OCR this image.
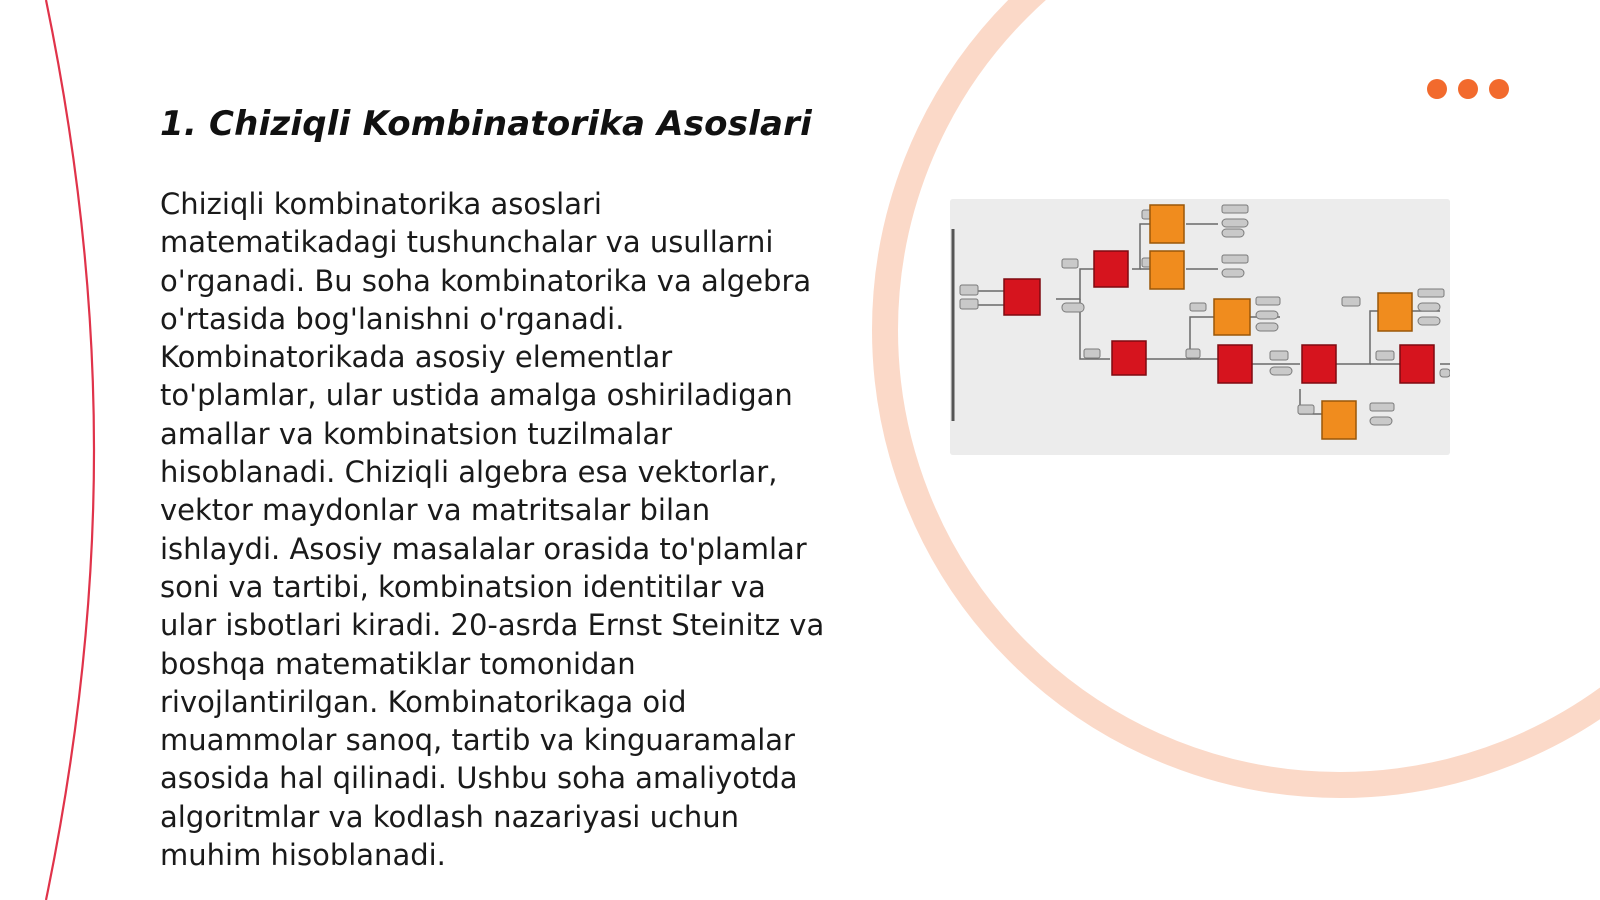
1. Chiziqli Kombinatorika Asoslari

Chiziqli kombinatorika asoslari
matematikadagi tushunchalar va usullarni
o'rganadi. Bu soha kombinatorika va algebra
o'rtasida bog'lanishni o'rganadi.
Kombinatorikada asosiy elementlar
to'plamlar, ular ustida amalga oshiriladigan
amallar va kombinatsion tuzilmalar
hisoblanadi. Chiziqli algebra esa vektorlar,
vektor maydonlar va matritsalar bilan
ishlaydi. Asosiy masalalar orasida to'plamlar
soni va tartibi, kombinatsion identitilar va
ular isbotlari kiradi. 20-asrda Ernst Steinitz va
boshqa matematiklar tomonidan
rivojlantirilgan. Kombinatorikaga oid
muammolar sanoq, tartib va kinguaramalar
asosida hal qilinadi. Ushbu soha amaliyotda
algoritmlar va kodlash nazariyasi uchun
muhim hisoblanadi.
